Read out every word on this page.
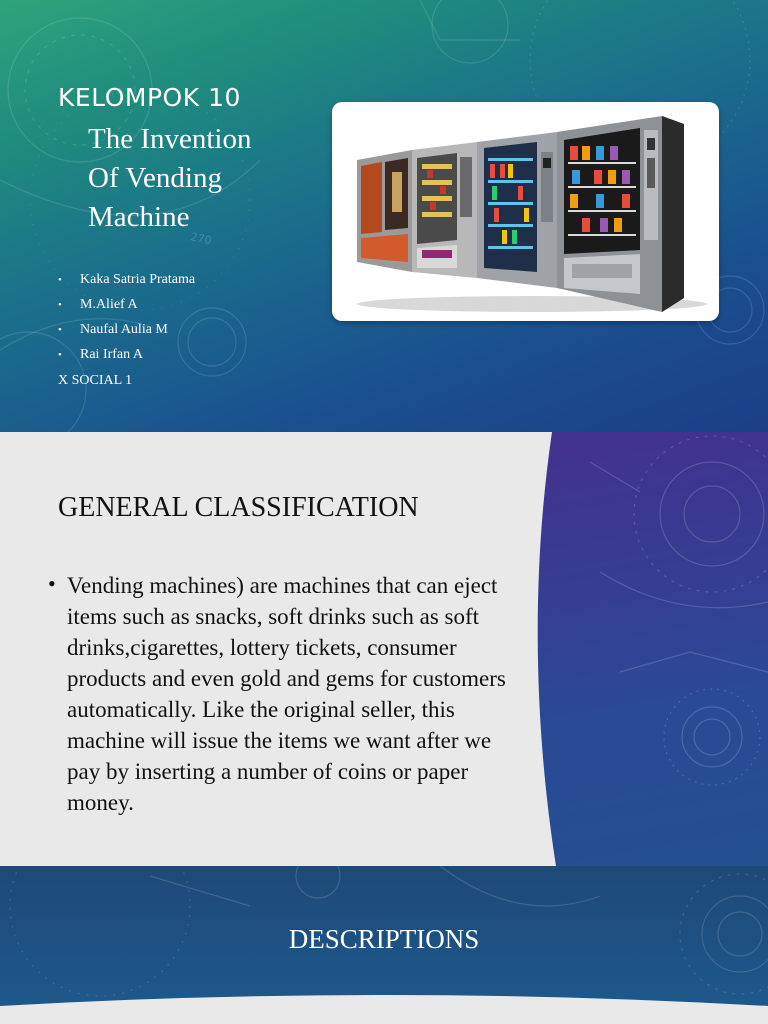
270
KELOMPOK 10
The Invention
Of Vending
Machine
• Kaka Satria Pratama
• M.Alief A
• Naufal Aulia M
• Rai Irfan A
X SOCIAL 1
GENERAL CLASSIFICATION
• Vending machines) are machines that can eject items such as snacks, soft drinks such as soft drinks,cigarettes, lottery tickets, consumer products and even gold and gems for customers automatically. Like the original seller, this machine will issue the items we want after we pay by inserting a number of coins or paper money.
DESCRIPTIONS
